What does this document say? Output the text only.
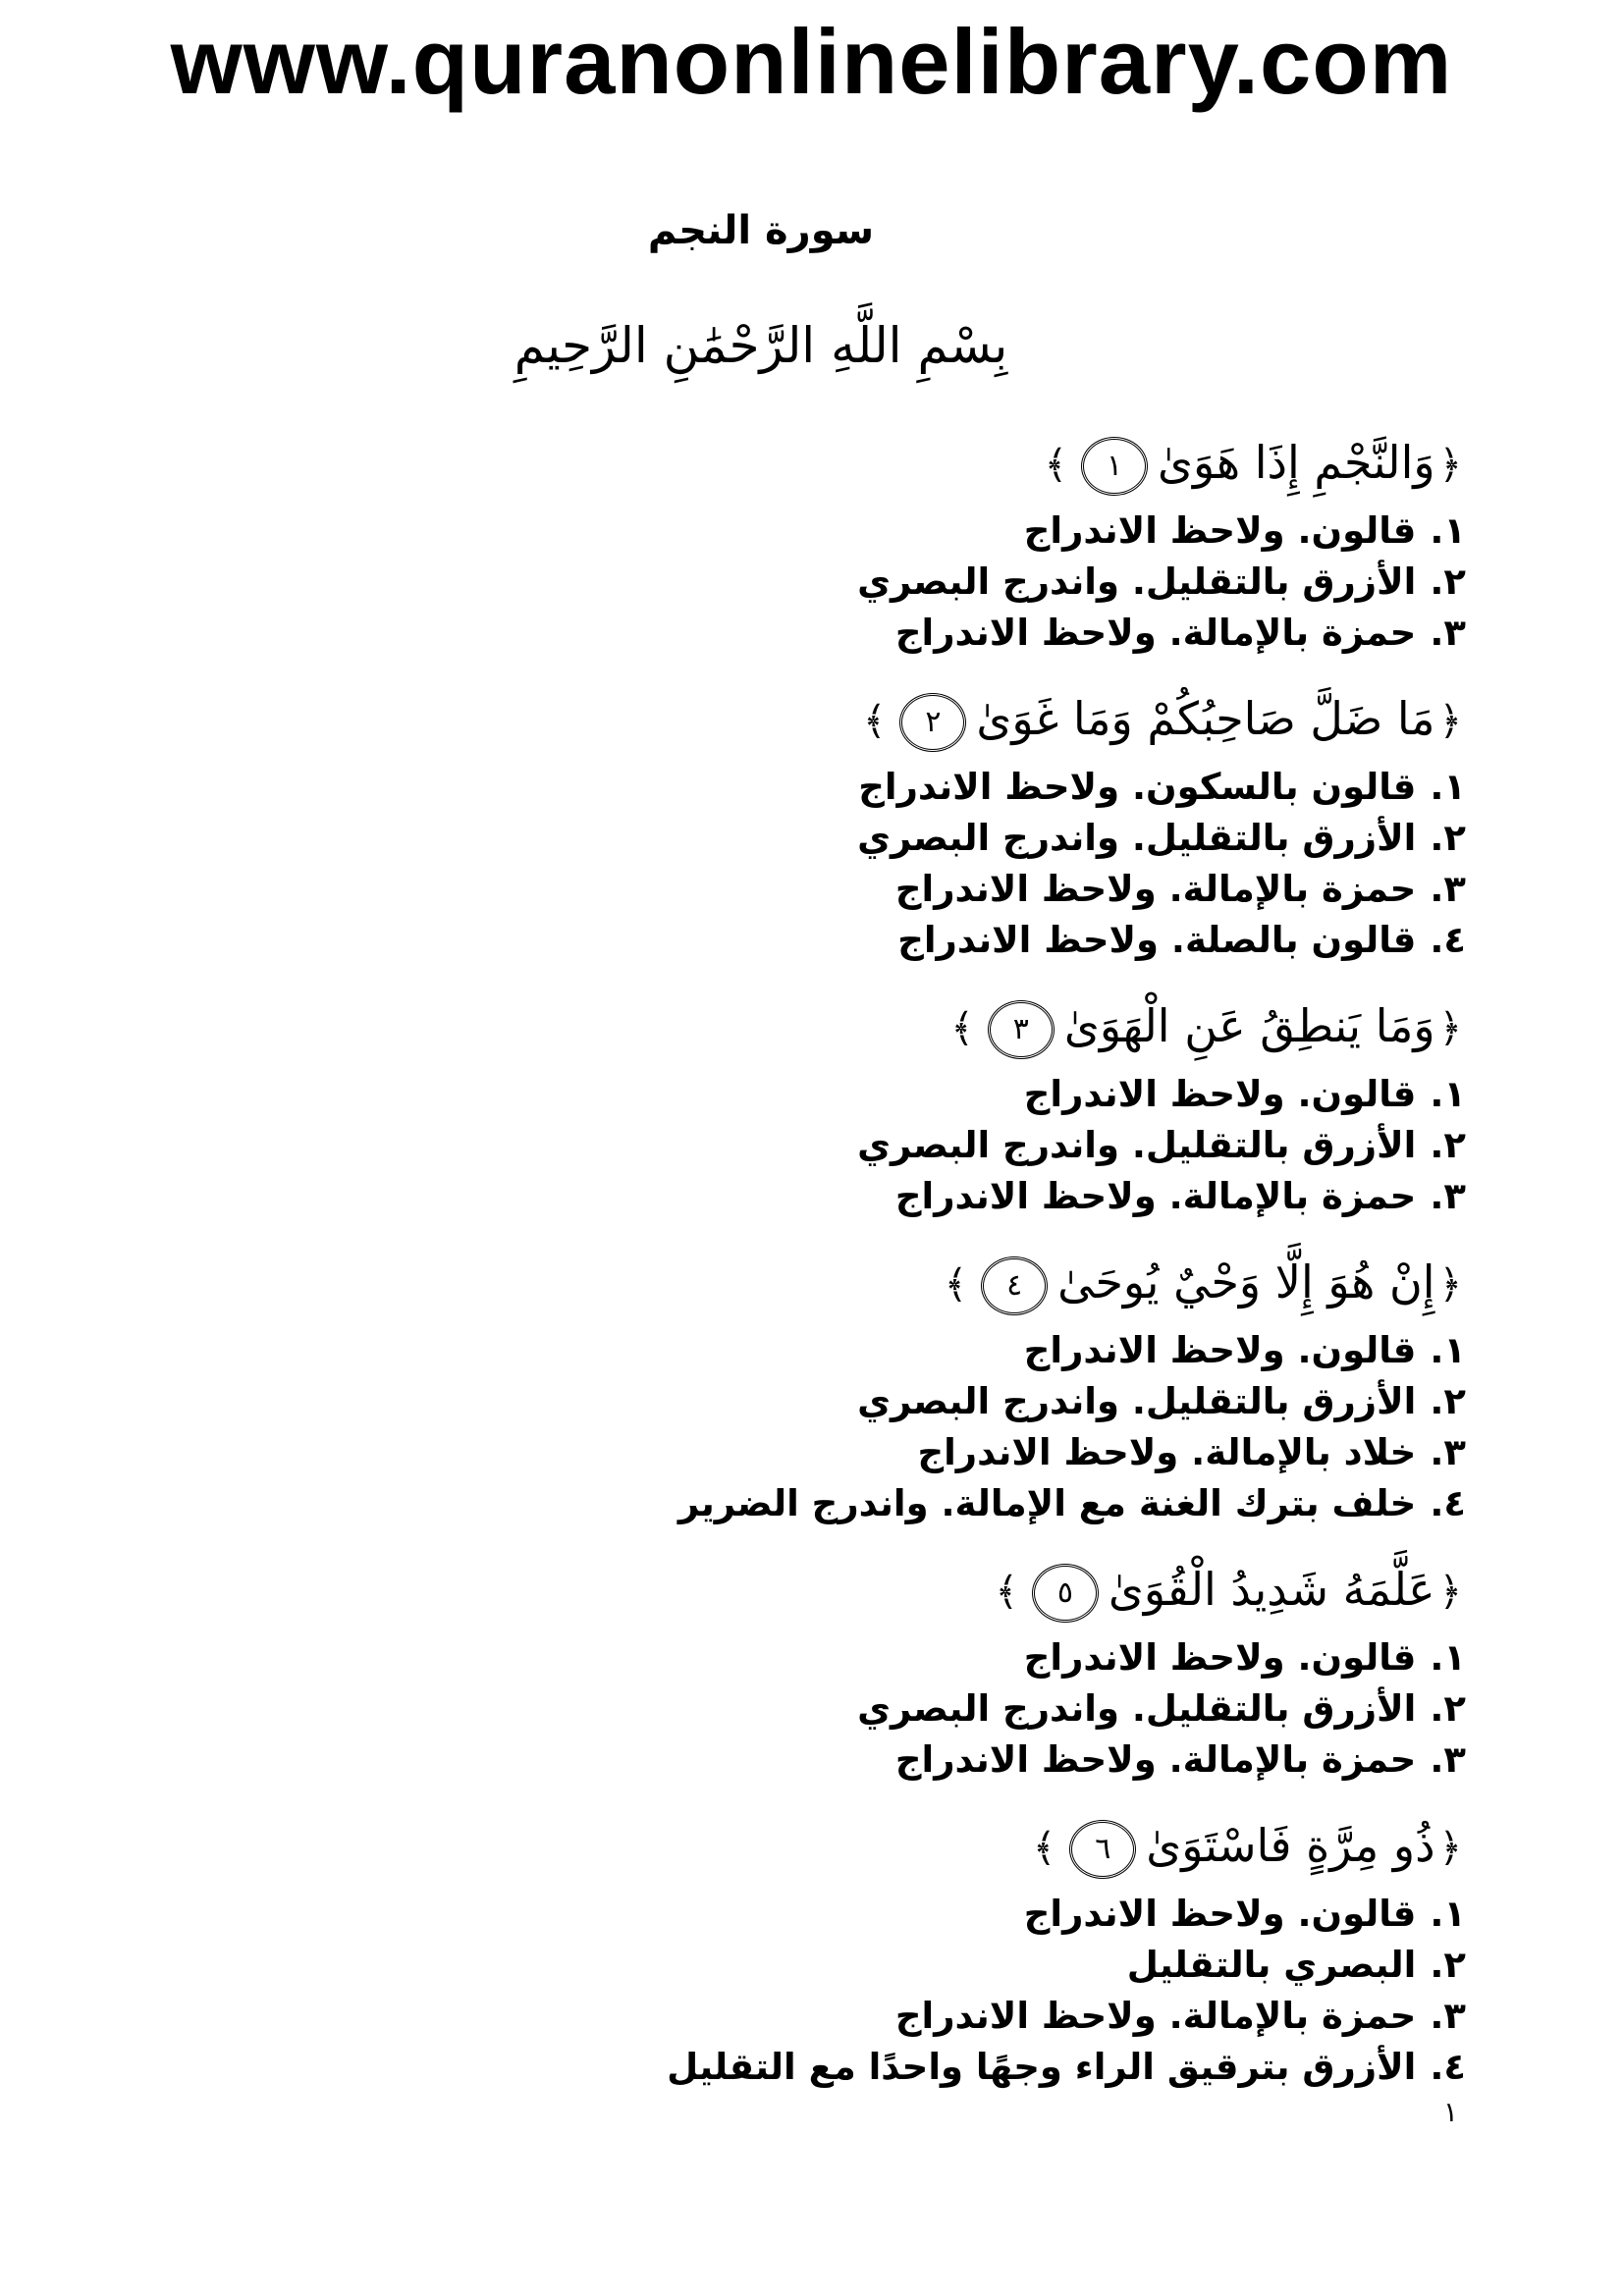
www.quranonlinelibrary.com
سورة النجم
بِسْمِ اللَّهِ الرَّحْمَٰنِ الرَّحِيمِ
﴿وَالنَّجْمِ إِذَا هَوَىٰ١﴾
١.قالون. ولاحظ الاندراج
٢.الأزرق بالتقليل. واندرج البصري
٣.حمزة بالإمالة. ولاحظ الاندراج
﴿مَا ضَلَّ صَاحِبُكُمْ وَمَا غَوَىٰ٢﴾
١.قالون بالسكون. ولاحظ الاندراج
٢.الأزرق بالتقليل. واندرج البصري
٣.حمزة بالإمالة. ولاحظ الاندراج
٤.قالون بالصلة. ولاحظ الاندراج
﴿وَمَا يَنطِقُ عَنِ الْهَوَىٰ٣﴾
١.قالون. ولاحظ الاندراج
٢.الأزرق بالتقليل. واندرج البصري
٣.حمزة بالإمالة. ولاحظ الاندراج
﴿إِنْ هُوَ إِلَّا وَحْيٌ يُوحَىٰ٤﴾
١.قالون. ولاحظ الاندراج
٢.الأزرق بالتقليل. واندرج البصري
٣.خلاد بالإمالة. ولاحظ الاندراج
٤.خلف بترك الغنة مع الإمالة. واندرج الضرير
﴿عَلَّمَهُ شَدِيدُ الْقُوَىٰ٥﴾
١.قالون. ولاحظ الاندراج
٢.الأزرق بالتقليل. واندرج البصري
٣.حمزة بالإمالة. ولاحظ الاندراج
﴿ذُو مِرَّةٍ فَاسْتَوَىٰ٦﴾
١.قالون. ولاحظ الاندراج
٢.البصري بالتقليل
٣.حمزة بالإمالة. ولاحظ الاندراج
٤.الأزرق بترقيق الراء وجهًا واحدًا مع التقليل
١
